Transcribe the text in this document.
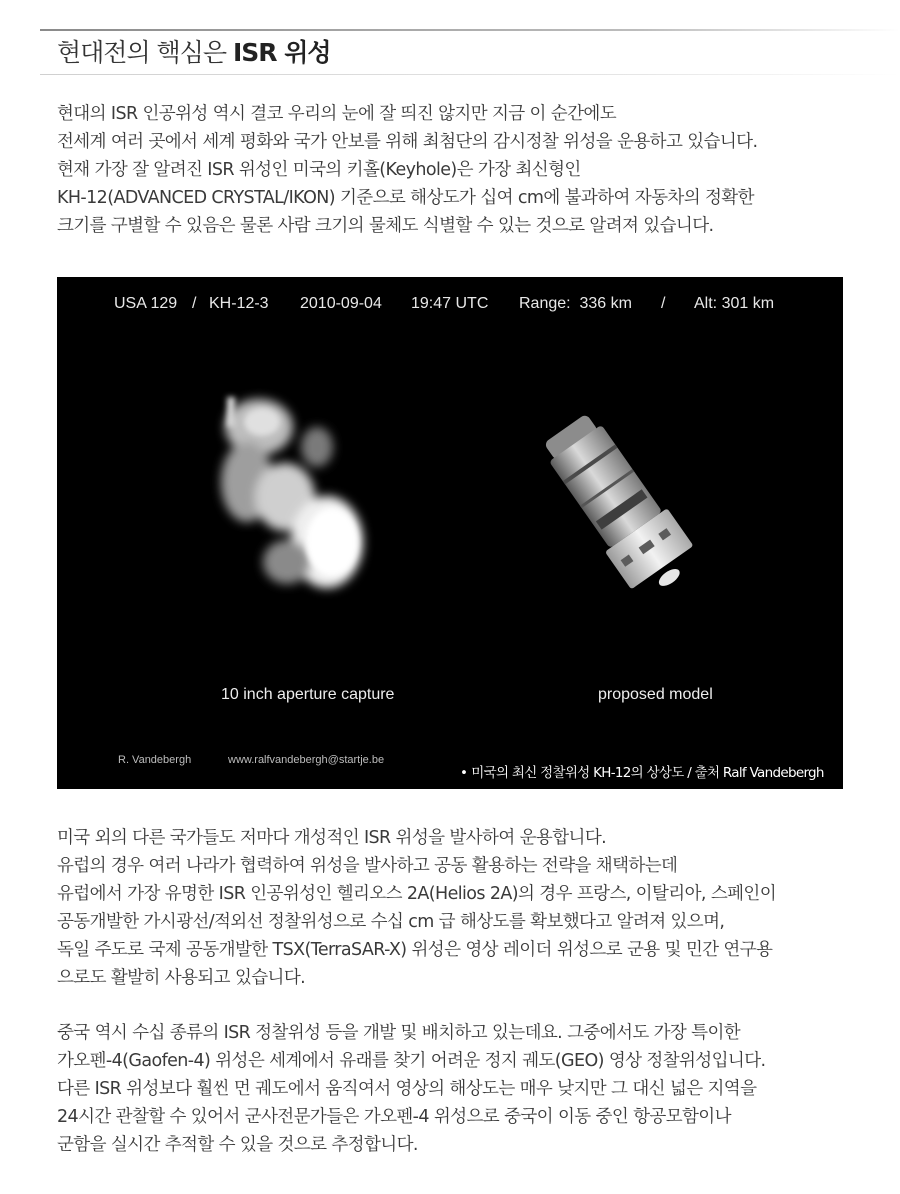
현대전의 핵심은 ISR 위성
현대의 ISR 인공위성 역시 결코 우리의 눈에 잘 띄진 않지만 지금 이 순간에도
전세계 여러 곳에서 세계 평화와 국가 안보를 위해 최첨단의 감시정찰 위성을 운용하고 있습니다.
현재 가장 잘 알려진 ISR 위성인 미국의 키홀(Keyhole)은 가장 최신형인
KH-12(ADVANCED CRYSTAL/IKON) 기준으로 해상도가 십여 cm에 불과하여 자동차의 정확한
크기를 구별할 수 있음은 물론 사람 크기의 물체도 식별할 수 있는 것으로 알려져 있습니다.
USA 129 / KH-12-3 2010-09-04 19:47 UTC Range:  336 km / Alt: 301 km
10 inch aperture capture	proposed model
R. Vandebergh	www.ralfvandebergh@startje.be
• 미국의 최신 정찰위성 KH-12의 상상도 / 출처 Ralf Vandebergh
미국 외의 다른 국가들도 저마다 개성적인 ISR 위성을 발사하여 운용합니다.
유럽의 경우 여러 나라가 협력하여 위성을 발사하고 공동 활용하는 전략을 채택하는데
유럽에서 가장 유명한 ISR 인공위성인 헬리오스 2A(Helios 2A)의 경우 프랑스, 이탈리아, 스페인이
공동개발한 가시광선/적외선 정찰위성으로 수십 cm 급 해상도를 확보했다고 알려져 있으며,
독일 주도로 국제 공동개발한 TSX(TerraSAR-X) 위성은 영상 레이더 위성으로 군용 및 민간 연구용
으로도 활발히 사용되고 있습니다.
중국 역시 수십 종류의 ISR 정찰위성 등을 개발 및 배치하고 있는데요. 그중에서도 가장 특이한
가오펜-4(Gaofen-4) 위성은 세계에서 유래를 찾기 어려운 정지 궤도(GEO) 영상 정찰위성입니다.
다른 ISR 위성보다 훨씬 먼 궤도에서 움직여서 영상의 해상도는 매우 낮지만 그 대신 넓은 지역을
24시간 관찰할 수 있어서 군사전문가들은 가오펜-4 위성으로 중국이 이동 중인 항공모함이나
군함을 실시간 추적할 수 있을 것으로 추정합니다.
